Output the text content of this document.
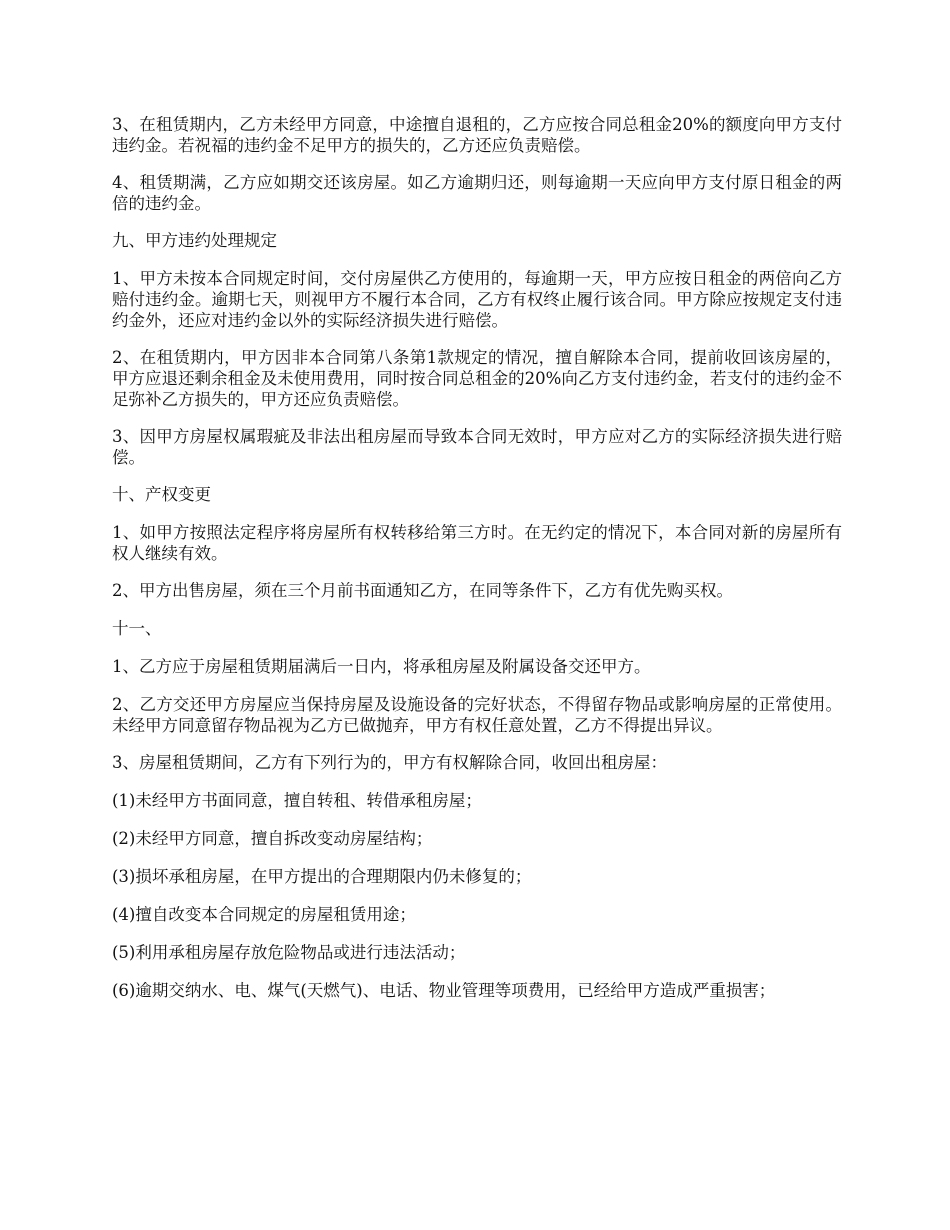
3、在租赁期内，乙方未经甲方同意，中途擅自退租的，乙方应按合同总租金20%的额度向甲方支付违约金。若祝福的违约金不足甲方的损失的，乙方还应负责赔偿。

4、租赁期满，乙方应如期交还该房屋。如乙方逾期归还，则每逾期一天应向甲方支付原日租金的两倍的违约金。

九、甲方违约处理规定

1、甲方未按本合同规定时间，交付房屋供乙方使用的，每逾期一天，甲方应按日租金的两倍向乙方赔付违约金。逾期七天，则视甲方不履行本合同，乙方有权终止履行该合同。甲方除应按规定支付违约金外，还应对违约金以外的实际经济损失进行赔偿。

2、在租赁期内，甲方因非本合同第八条第1款规定的情况，擅自解除本合同，提前收回该房屋的，甲方应退还剩余租金及未使用费用，同时按合同总租金的20%向乙方支付违约金，若支付的违约金不足弥补乙方损失的，甲方还应负责赔偿。

3、因甲方房屋权属瑕疵及非法出租房屋而导致本合同无效时，甲方应对乙方的实际经济损失进行赔偿。

十、产权变更

1、如甲方按照法定程序将房屋所有权转移给第三方时。在无约定的情况下，本合同对新的房屋所有权人继续有效。

2、甲方出售房屋，须在三个月前书面通知乙方，在同等条件下，乙方有优先购买权。

十一、

1、乙方应于房屋租赁期届满后一日内，将承租房屋及附属设备交还甲方。

2、乙方交还甲方房屋应当保持房屋及设施设备的完好状态，不得留存物品或影响房屋的正常使用。未经甲方同意留存物品视为乙方已做抛弃，甲方有权任意处置，乙方不得提出异议。

3、房屋租赁期间，乙方有下列行为的，甲方有权解除合同，收回出租房屋：

(1)未经甲方书面同意，擅自转租、转借承租房屋；

(2)未经甲方同意，擅自拆改变动房屋结构；

(3)损坏承租房屋，在甲方提出的合理期限内仍未修复的；

(4)擅自改变本合同规定的房屋租赁用途；

(5)利用承租房屋存放危险物品或进行违法活动；

(6)逾期交纳水、电、煤气(天燃气)、电话、物业管理等项费用，已经给甲方造成严重损害；
